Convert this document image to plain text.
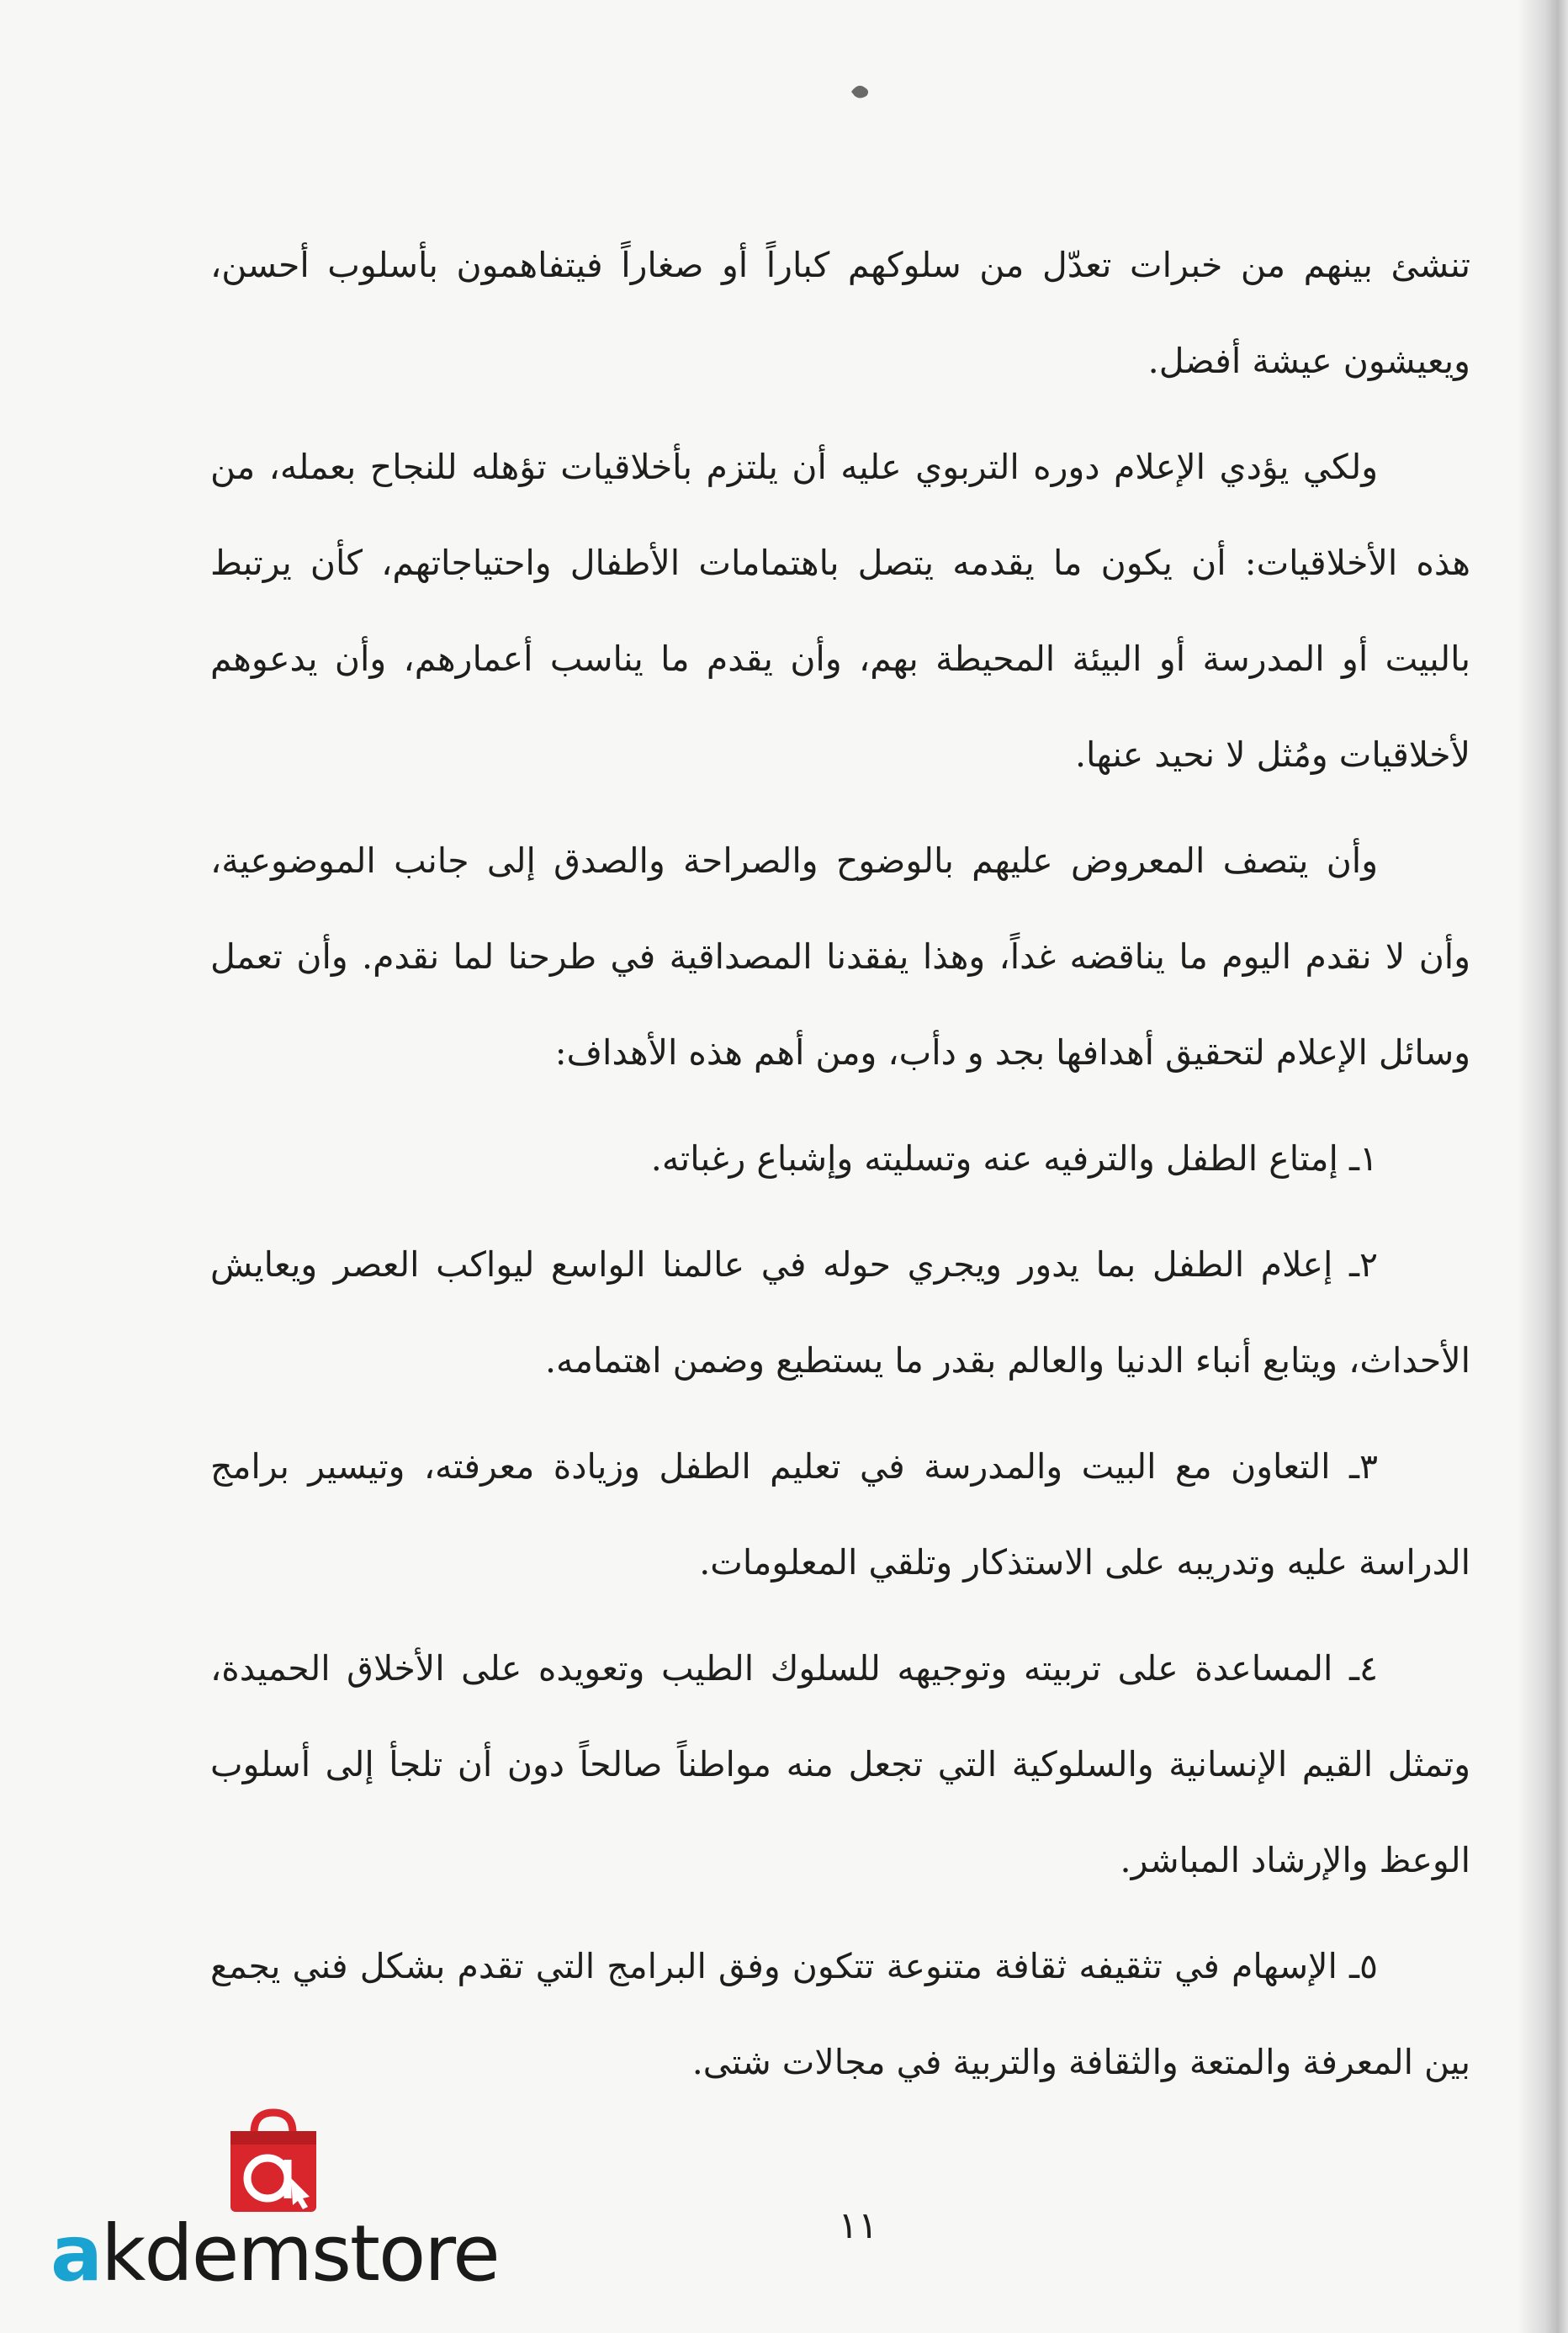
تنشئ بينهم من خبرات تعدّل من سلوكهم كباراً أو صغاراً فيتفاهمون بأسلوب أحسن، ويعيشون عيشة أفضل.

ولكي يؤدي الإعلام دوره التربوي عليه أن يلتزم بأخلاقيات تؤهله للنجاح بعمله، من هذه الأخلاقيات: أن يكون ما يقدمه يتصل باهتمامات الأطفال واحتياجاتهم، كأن يرتبط بالبيت أو المدرسة أو البيئة المحيطة بهم، وأن يقدم ما يناسب أعمارهم، وأن يدعوهم لأخلاقيات ومُثل لا نحيد عنها.

وأن يتصف المعروض عليهم بالوضوح والصراحة والصدق إلى جانب الموضوعية، وأن لا نقدم اليوم ما يناقضه غداً، وهذا يفقدنا المصداقية في طرحنا لما نقدم. وأن تعمل وسائل الإعلام لتحقيق أهدافها بجد و دأب، ومن أهم هذه الأهداف:

١ـ إمتاع الطفل والترفيه عنه وتسليته وإشباع رغباته.

٢ـ إعلام الطفل بما يدور ويجري حوله في عالمنا الواسع ليواكب العصر ويعايش الأحداث، ويتابع أنباء الدنيا والعالم بقدر ما يستطيع وضمن اهتمامه.

٣ـ التعاون مع البيت والمدرسة في تعليم الطفل وزيادة معرفته، وتيسير برامج الدراسة عليه وتدريبه على الاستذكار وتلقي المعلومات.

٤ـ المساعدة على تربيته وتوجيهه للسلوك الطيب وتعويده على الأخلاق الحميدة، وتمثل القيم الإنسانية والسلوكية التي تجعل منه مواطناً صالحاً دون أن تلجأ إلى أسلوب الوعظ والإرشاد المباشر.

٥ـ الإسهام في تثقيفه ثقافة متنوعة تتكون وفق البرامج التي تقدم بشكل فني يجمع بين المعرفة والمتعة والثقافة والتربية في مجالات شتى.

١١
akdemstore
